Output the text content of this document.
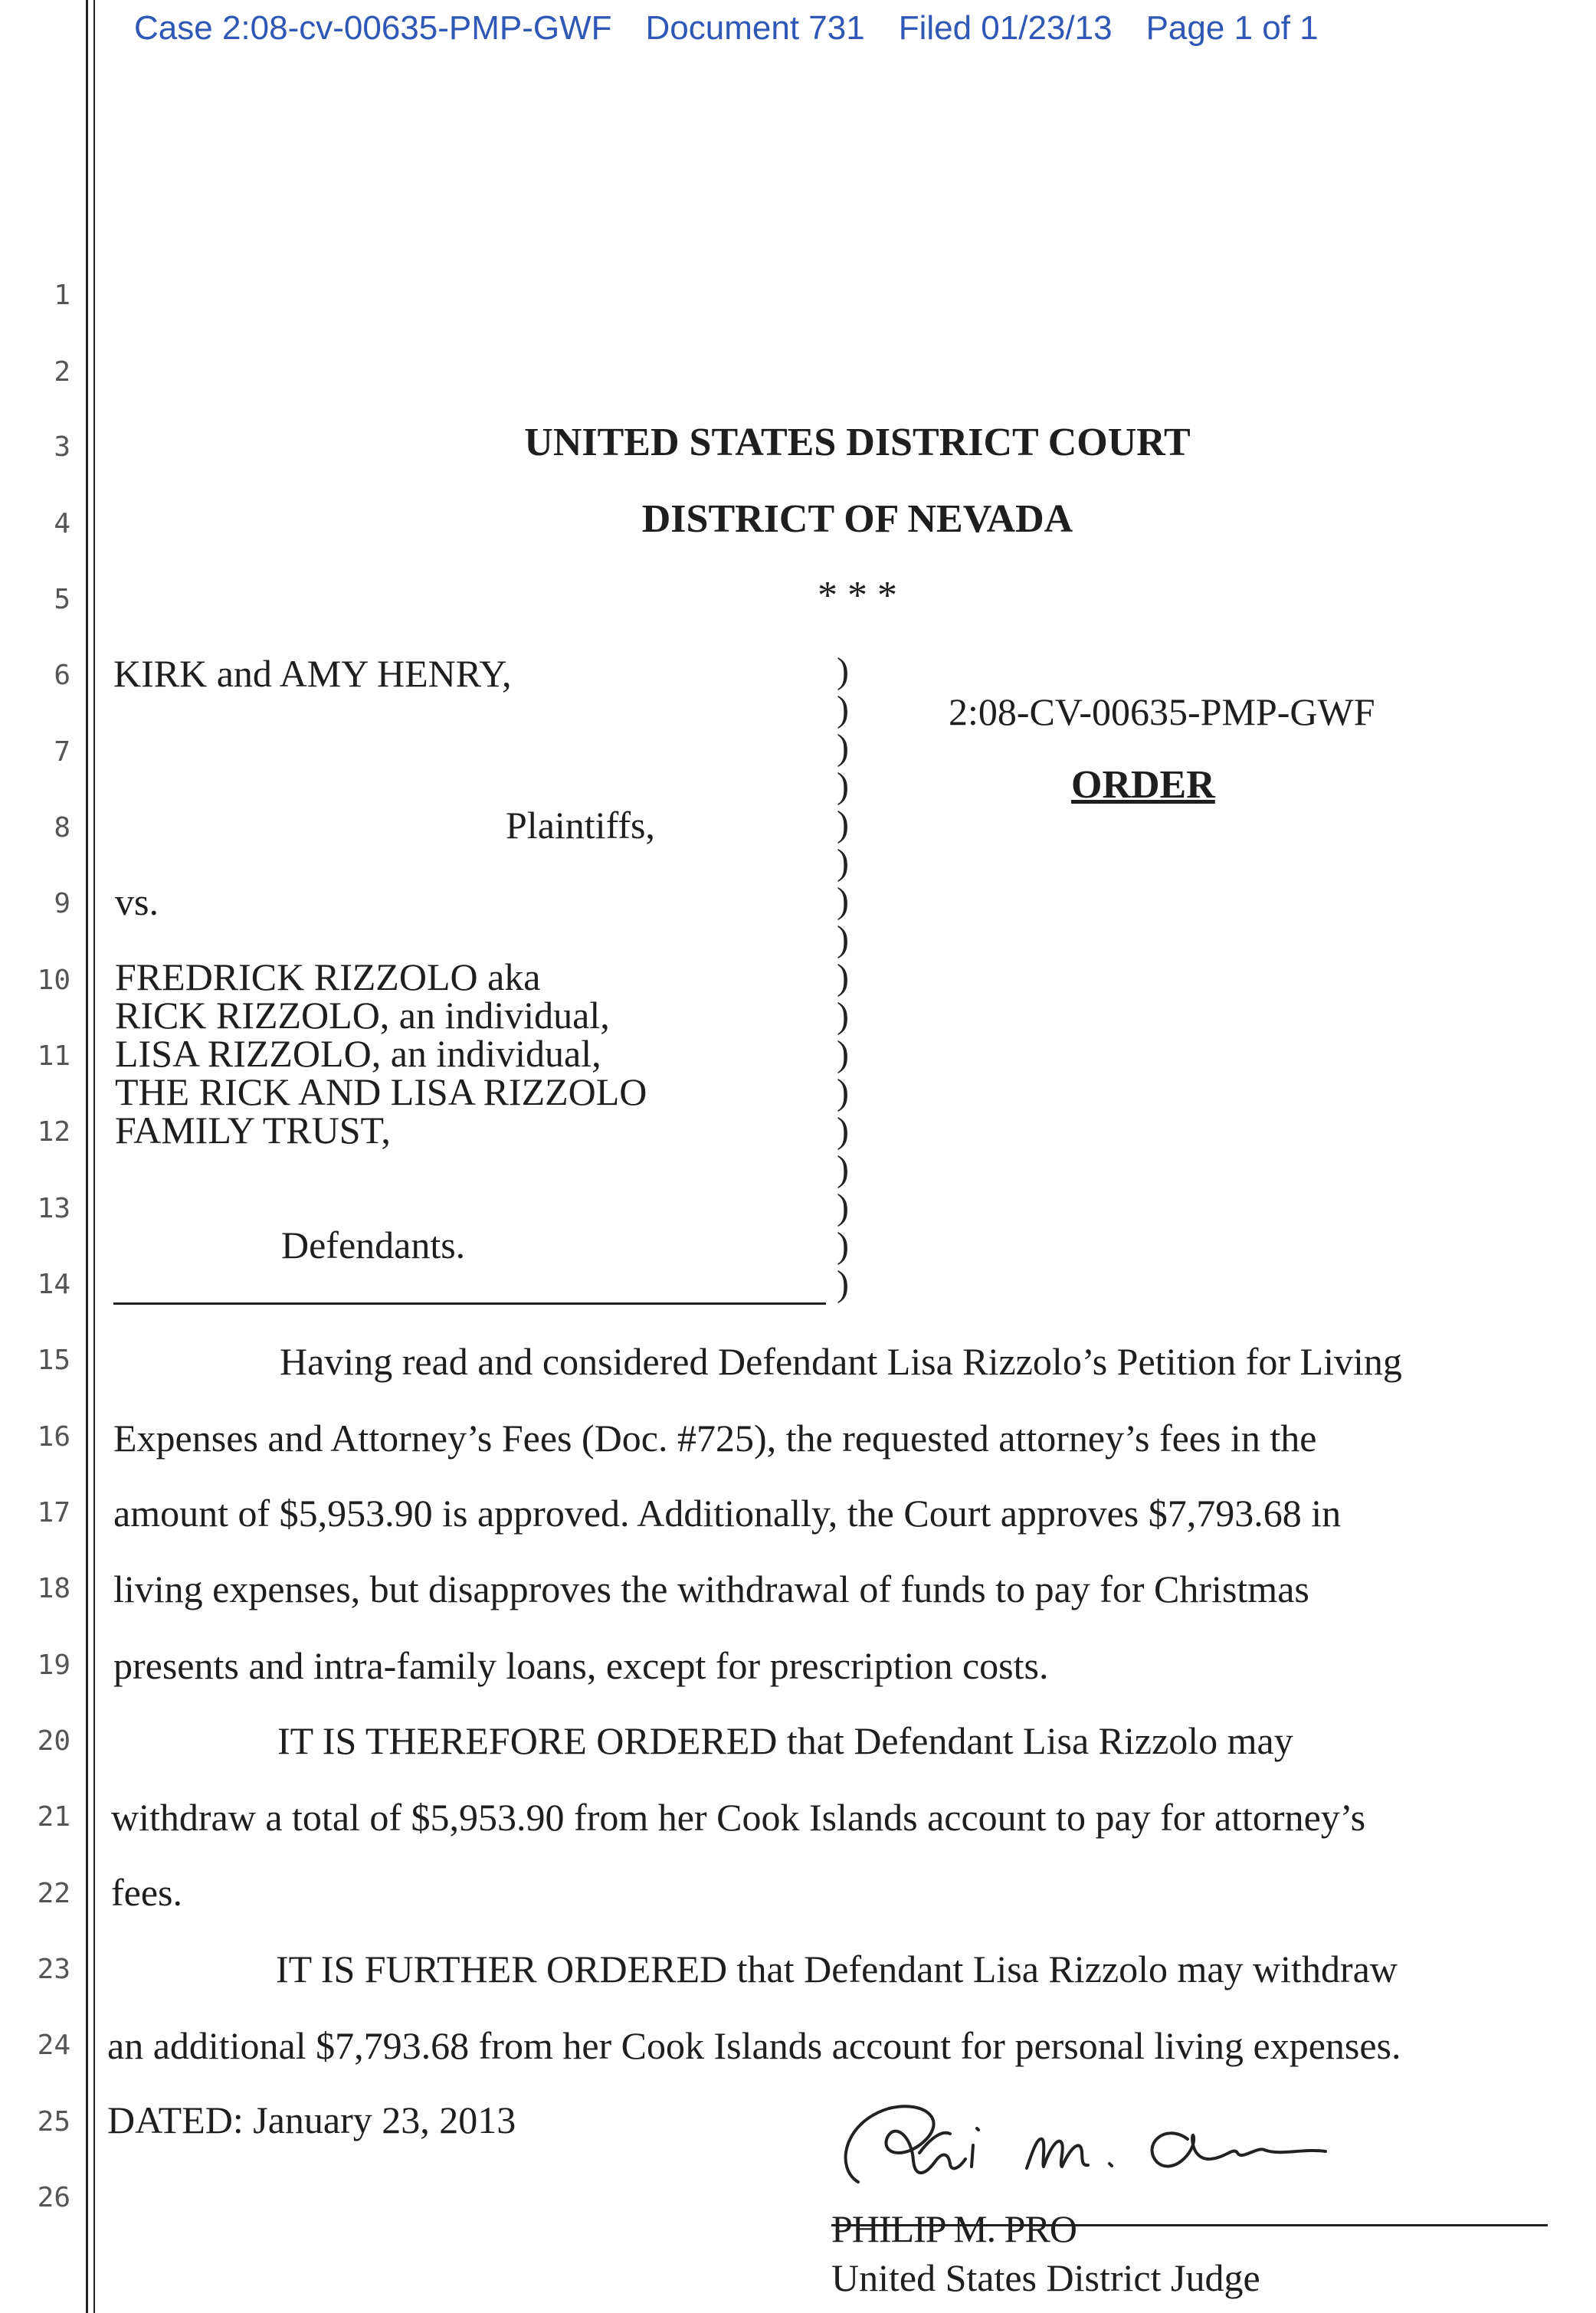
Case 2:08-cv-00635-PMP-GWF Document 731 Filed 01/23/13 Page 1 of 1
1
2
3
4
5
6
7
8
9
10
11
12
13
14
15
16
17
18
19
20
21
22
23
24
25
26
UNITED STATES DISTRICT COURT
DISTRICT OF NEVADA
* * *
KIRK and AMY HENRY,
Plaintiffs,
vs.
FREDRICK RIZZOLO aka
RICK RIZZOLO, an individual,
LISA RIZZOLO, an individual,
THE RICK AND LISA RIZZOLO
FAMILY TRUST,
Defendants.
)
)
)
)
)
)
)
)
)
)
)
)
)
)
)
)
)
2:08-CV-00635-PMP-GWF
ORDER
Having read and considered Defendant Lisa Rizzolo’s Petition for Living
Expenses and Attorney’s Fees (Doc. #725), the requested attorney’s fees in the
amount of $5,953.90 is approved. Additionally, the Court approves $7,793.68 in
living expenses, but disapproves the withdrawal of funds to pay for Christmas
presents and intra-family loans, except for prescription costs.
IT IS THEREFORE ORDERED that Defendant Lisa Rizzolo may
withdraw a total of $5,953.90 from her Cook Islands account to pay for attorney’s
fees.
IT IS FURTHER ORDERED that Defendant Lisa Rizzolo may withdraw
an additional $7,793.68 from her Cook Islands account for personal living expenses.
DATED: January 23, 2013
PHILIP M. PRO
United States District Judge
